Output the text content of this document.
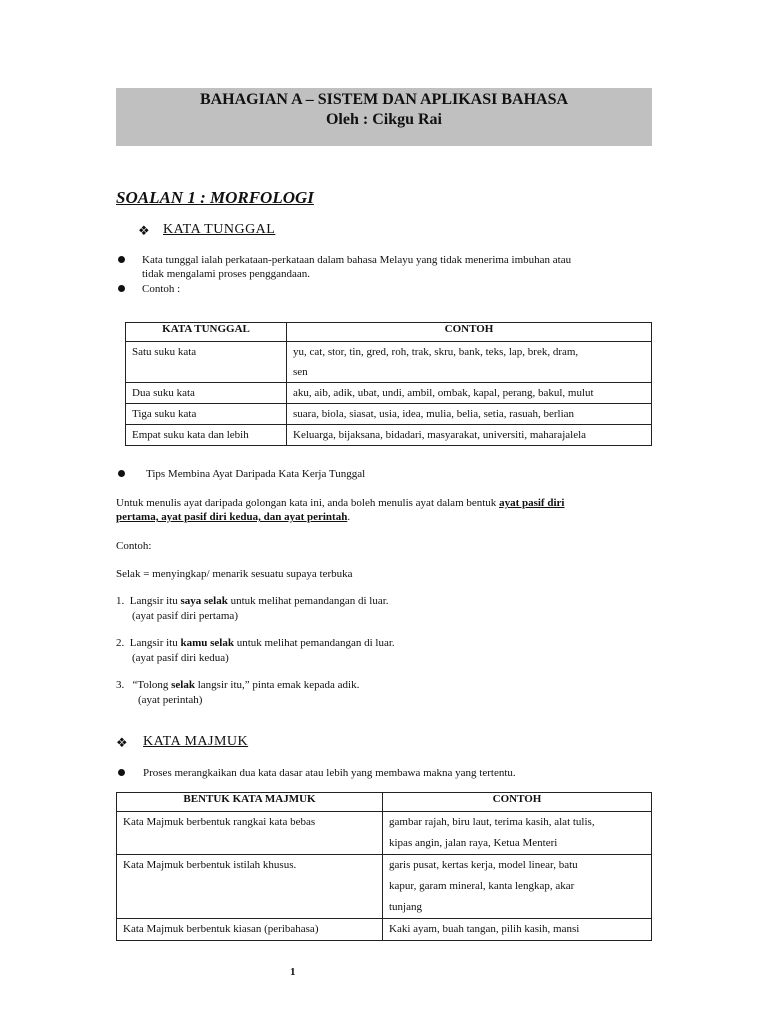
BAHAGIAN A – SISTEM DAN APLIKASI BAHASA
Oleh : Cikgu Rai
SOALAN 1 : MORFOLOGI
❖ KATA TUNGGAL
Kata tunggal ialah perkataan-perkataan dalam bahasa Melayu yang tidak menerima imbuhan atau
tidak mengalami proses penggandaan.
Contoh :
KATA TUNGGAL	CONTOH
Satu suku kata	yu, cat, stor, tin, gred, roh, trak, skru, bank, teks, lap, brek, dram,
sen

Dua suku kata	aku, aib, adik, ubat, undi, ambil, ombak, kapal, perang, bakul, mulut
Tiga suku kata	suara, biola, siasat, usia, idea, mulia, belia, setia, rasuah, berlian
Empat suku kata dan lebih	Keluarga, bijaksana, bidadari, masyarakat, universiti, maharajalela
Tips Membina Ayat Daripada Kata Kerja Tunggal
Untuk menulis ayat daripada golongan kata ini, anda boleh menulis ayat dalam bentuk ayat pasif diri
pertama, ayat pasif diri kedua, dan ayat perintah.
Contoh:
Selak = menyingkap/ menarik sesuatu supaya terbuka
1. Langsir itu saya selak untuk melihat pemandangan di luar.
(ayat pasif diri pertama)
2. Langsir itu kamu selak untuk melihat pemandangan di luar.
(ayat pasif diri kedua)
3. “Tolong selak langsir itu,” pinta emak kepada adik.
(ayat perintah)
❖ KATA MAJMUK
Proses merangkaikan dua kata dasar atau lebih yang membawa makna yang tertentu.
BENTUK KATA MAJMUK	CONTOH
Kata Majmuk berbentuk rangkai kata bebas	gambar rajah, biru laut, terima kasih, alat tulis,
kipas angin, jalan raya, Ketua Menteri

Kata Majmuk berbentuk istilah khusus.	garis pusat, kertas kerja, model linear, batu
kapur, garam mineral, kanta lengkap, akar
tunjang

Kata Majmuk berbentuk kiasan (peribahasa)	Kaki ayam, buah tangan, pilih kasih, mansi
1
